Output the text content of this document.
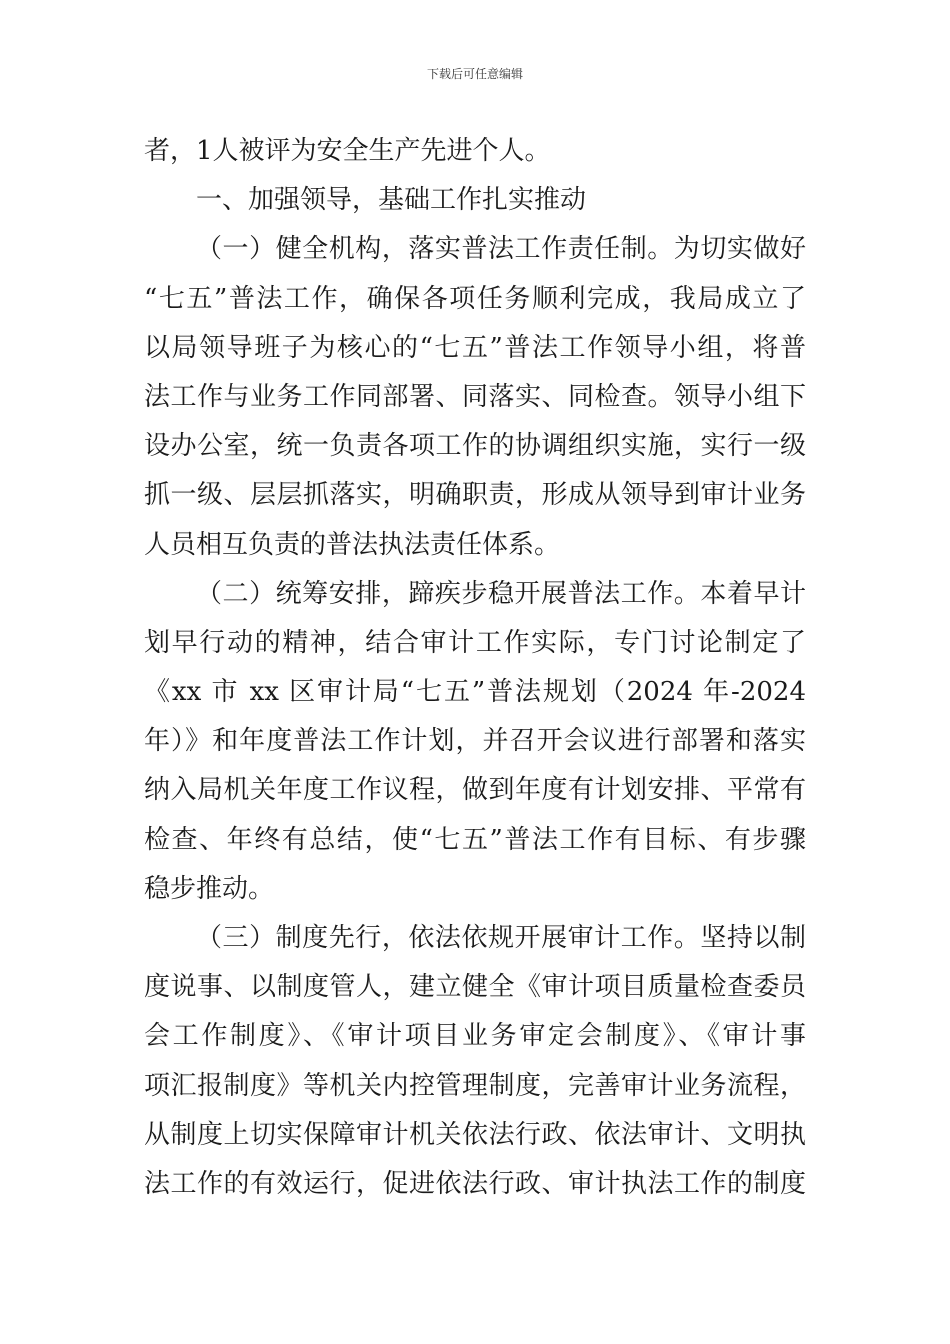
下载后可任意编辑
者，1人被评为安全生产先进个人。
一、加强领导，基础工作扎实推动
（一）健全机构，落实普法工作责任制。为切实做好
“七五”普法工作，确保各项任务顺利完成，我局成立了
以局领导班子为核心的“七五”普法工作领导小组，将普
法工作与业务工作同部署、同落实、同检查。领导小组下
设办公室，统一负责各项工作的协调组织实施，实行一级
抓一级、层层抓落实，明确职责，形成从领导到审计业务
人员相互负责的普法执法责任体系。
（二）统筹安排，蹄疾步稳开展普法工作。本着早计
划早行动的精神，结合审计工作实际，专门讨论制定了
《xx 市 xx 区审计局“七五”普法规划（2024 年-2024
年）》和年度普法工作计划，并召开会议进行部署和落实
纳入局机关年度工作议程，做到年度有计划安排、平常有
检查、年终有总结，使“七五”普法工作有目标、有步骤
稳步推动。
（三）制度先行，依法依规开展审计工作。坚持以制
度说事、以制度管人，建立健全《审计项目质量检查委员
会工作制度》、《审计项目业务审定会制度》、《审计事
项汇报制度》等机关内控管理制度，完善审计业务流程，
从制度上切实保障审计机关依法行政、依法审计、文明执
法工作的有效运行，促进依法行政、审计执法工作的制度
